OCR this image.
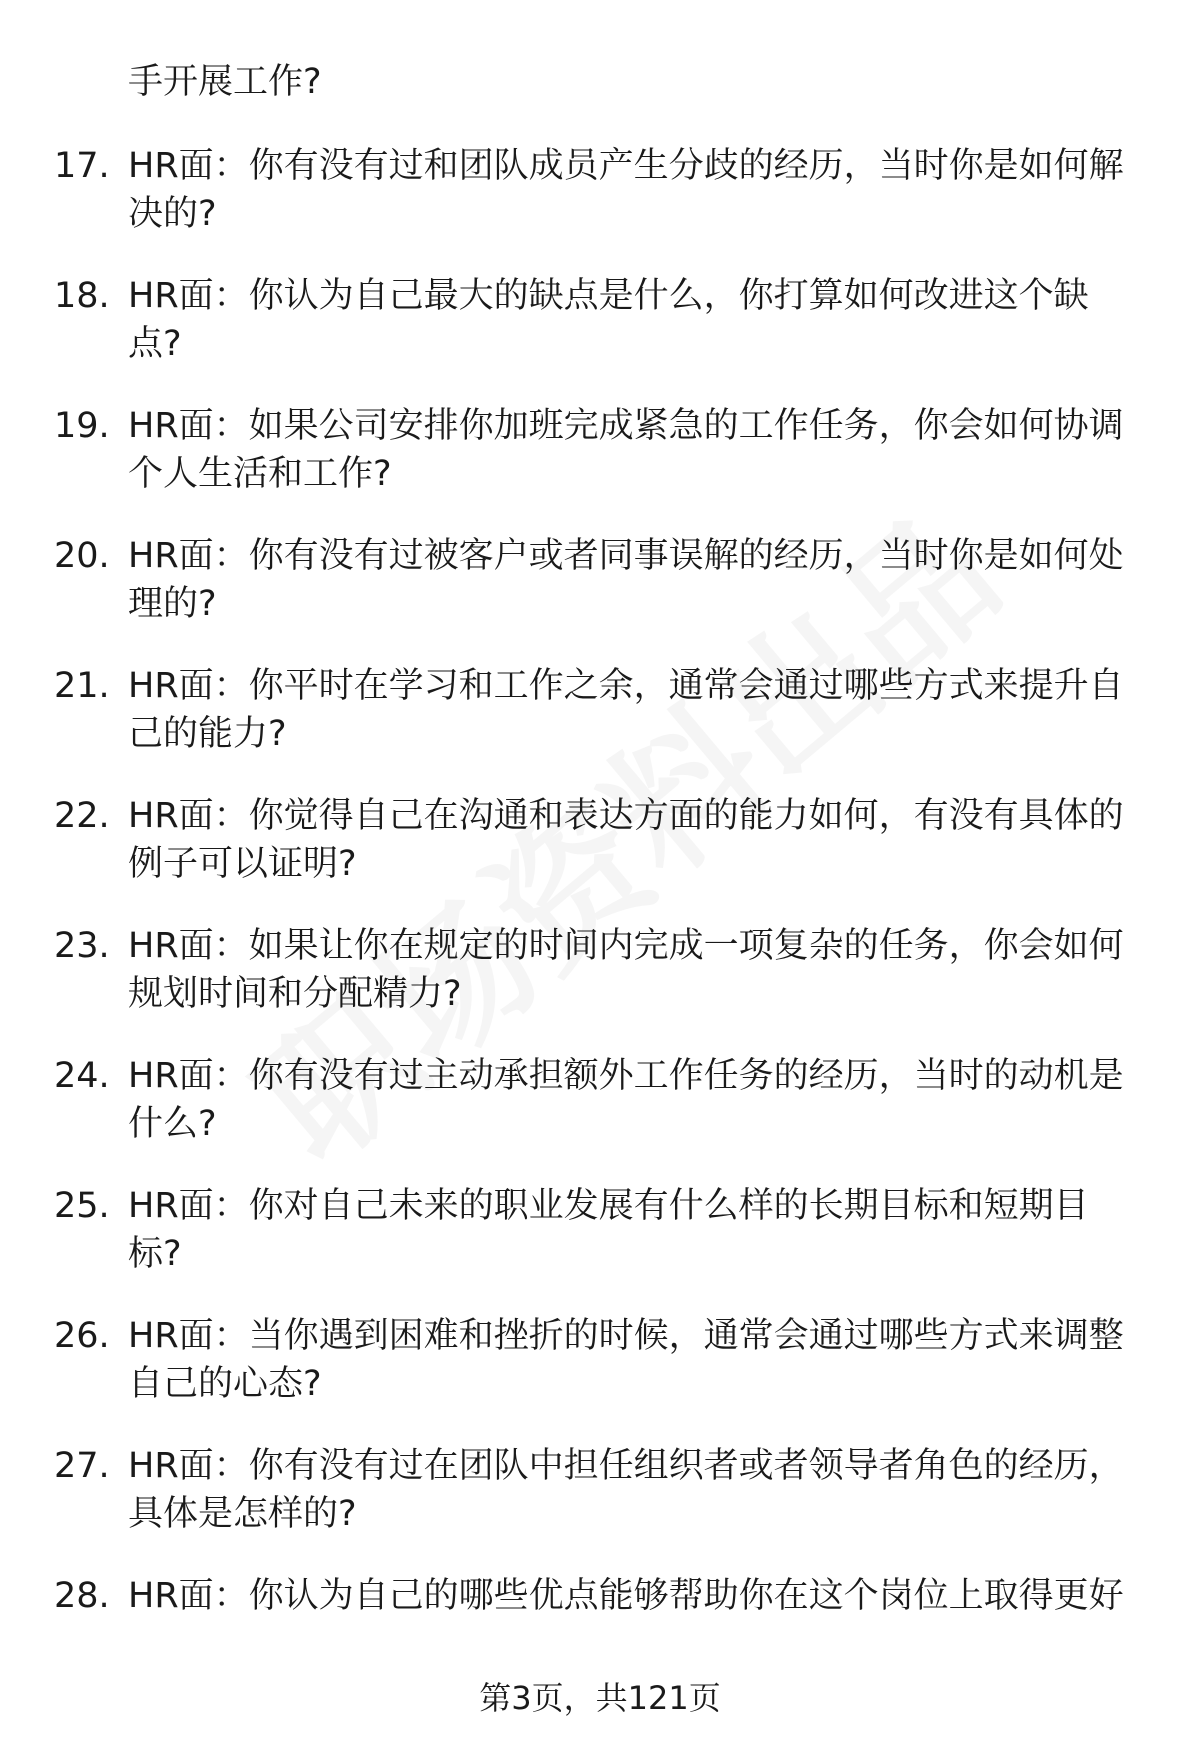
手开展工作?
17. HR面：你有没有过和团队成员产生分歧的经历，当时你是如何解
决的?
18. HR面：你认为自己最大的缺点是什么，你打算如何改进这个缺
点?
19. HR面：如果公司安排你加班完成紧急的工作任务，你会如何协调
个人生活和工作?
20. HR面：你有没有过被客户或者同事误解的经历，当时你是如何处
理的?
21. HR面：你平时在学习和工作之余，通常会通过哪些方式来提升自
己的能力?
22. HR面：你觉得自己在沟通和表达方面的能力如何，有没有具体的
例子可以证明?
23. HR面：如果让你在规定的时间内完成一项复杂的任务，你会如何
规划时间和分配精力?
24. HR面：你有没有过主动承担额外工作任务的经历，当时的动机是
什么?
25. HR面：你对自己未来的职业发展有什么样的长期目标和短期目
标?
26. HR面：当你遇到困难和挫折的时候，通常会通过哪些方式来调整
自己的心态?
27. HR面：你有没有过在团队中担任组织者或者领导者角色的经历，
具体是怎样的?
28. HR面：你认为自己的哪些优点能够帮助你在这个岗位上取得更好
第3页，共121页
